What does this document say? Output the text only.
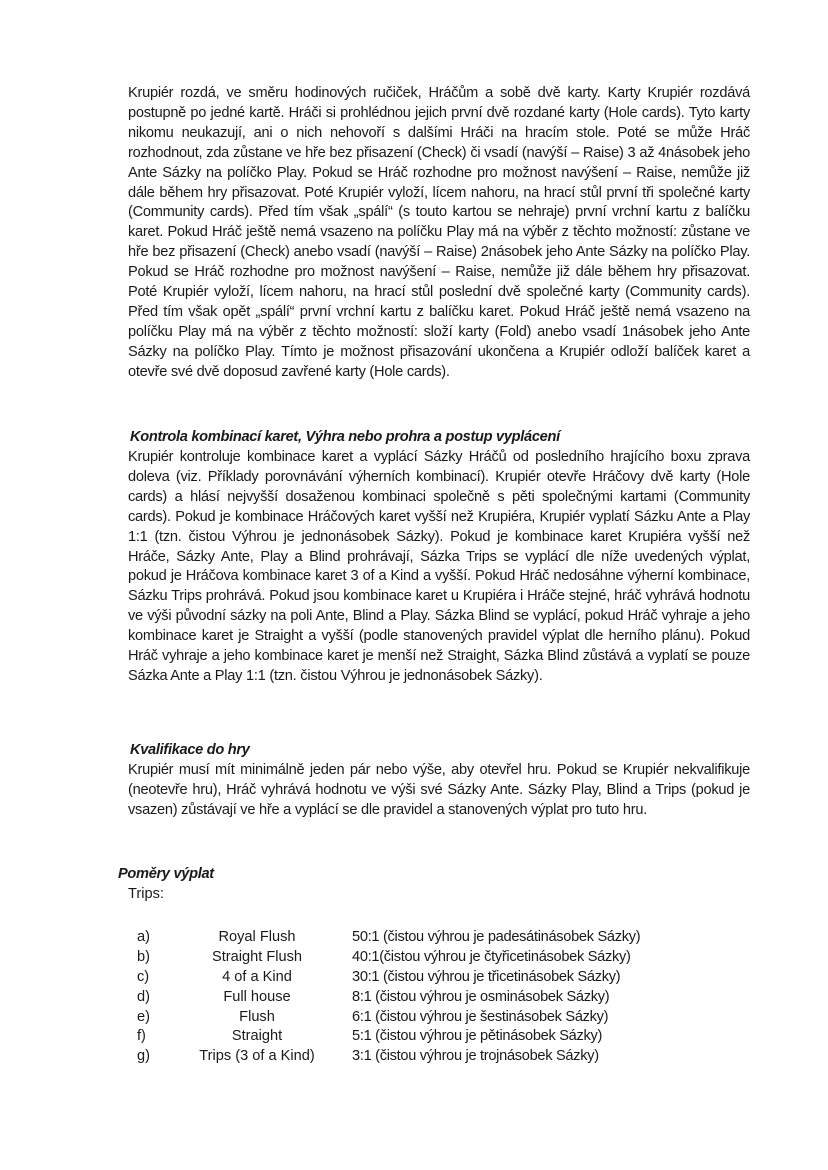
Krupiér rozdá, ve směru hodinových ručiček, Hráčům a sobě dvě karty. Karty Krupiér rozdává postupně po jedné kartě. Hráči si prohlédnou jejich první dvě rozdané karty (Hole cards). Tyto karty nikomu neukazují, ani o nich nehovoří s dalšími Hráči na hracím stole. Poté se může Hráč rozhodnout, zda zůstane ve hře bez přisazení (Check) či vsadí (navýší – Raise) 3 až 4násobek jeho Ante Sázky na políčko Play. Pokud se Hráč rozhodne pro možnost navýšení – Raise, nemůže již dále během hry přisazovat. Poté Krupiér vyloží, lícem nahoru, na hrací stůl první tři společné karty (Community cards). Před tím však „spálí“ (s touto kartou se nehraje) první vrchní kartu z balíčku karet. Pokud Hráč ještě nemá vsazeno na políčku Play má na výběr z těchto možností: zůstane ve hře bez přisazení (Check) anebo vsadí (navýší – Raise) 2násobek jeho Ante Sázky na políčko Play. Pokud se Hráč rozhodne pro možnost navýšení – Raise, nemůže již dále během hry přisazovat. Poté Krupiér vyloží, lícem nahoru, na hrací stůl poslední dvě společné karty (Community cards). Před tím však opět „spálí“ první vrchní kartu z balíčku karet. Pokud Hráč ještě nemá vsazeno na políčku Play má na výběr z těchto možností: složí karty (Fold) anebo vsadí 1násobek jeho Ante Sázky na políčko Play. Tímto je možnost přisazování ukončena a Krupiér odloží balíček karet a otevře své dvě doposud zavřené karty (Hole cards).

Kontrola kombinací karet, Výhra nebo prohra a postup vyplácení

Krupiér kontroluje kombinace karet a vyplácí Sázky Hráčů od posledního hrajícího boxu zprava doleva (viz. Příklady porovnávání výherních kombinací). Krupiér otevře Hráčovy dvě karty (Hole cards) a hlásí nejvyšší dosaženou kombinaci společně s pěti společnými kartami (Community cards). Pokud je kombinace Hráčových karet vyšší než Krupiéra, Krupiér vyplatí Sázku Ante a Play 1:1 (tzn. čistou Výhrou je jednonásobek Sázky). Pokud je kombinace karet Krupiéra vyšší než Hráče, Sázky Ante, Play a Blind prohrávají, Sázka Trips se vyplácí dle níže uvedených výplat, pokud je Hráčova kombinace karet 3 of a Kind a vyšší. Pokud Hráč nedosáhne výherní kombinace, Sázku Trips prohrává. Pokud jsou kombinace karet u Krupiéra i Hráče stejné, hráč vyhrává hodnotu ve výši původní sázky na poli Ante, Blind a Play. Sázka Blind se vyplácí, pokud Hráč vyhraje a jeho kombinace karet je Straight a vyšší (podle stanovených pravidel výplat dle herního plánu). Pokud Hráč vyhraje a jeho kombinace karet je menší než Straight, Sázka Blind zůstává a vyplatí se pouze Sázka Ante a Play 1:1 (tzn. čistou Výhrou je jednonásobek Sázky).

Kvalifikace do hry

Krupiér musí mít minimálně jeden pár nebo výše, aby otevřel hru. Pokud se Krupiér nekvalifikuje (neotevře hru), Hráč vyhrává hodnotu ve výši své Sázky Ante. Sázky Play, Blind a Trips (pokud je vsazen) zůstávají ve hře a vyplácí se dle pravidel a stanovených výplat pro tuto hru.

Poměry výplat

Trips:

a)	Royal Flush	50:1 (čistou výhrou je padesátinásobek Sázky)
b)	Straight Flush	40:1(čistou výhrou je čtyřicetinásobek Sázky)
c)	4 of a Kind	30:1 (čistou výhrou je třicetinásobek Sázky)
d)	Full house	8:1 (čistou výhrou je osminásobek Sázky)
e)	Flush	6:1 (čistou výhrou je šestinásobek Sázky)
f)	Straight	5:1 (čistou výhrou je pětinásobek Sázky)
g)	Trips (3 of a Kind)	3:1 (čistou výhrou je trojnásobek Sázky)
